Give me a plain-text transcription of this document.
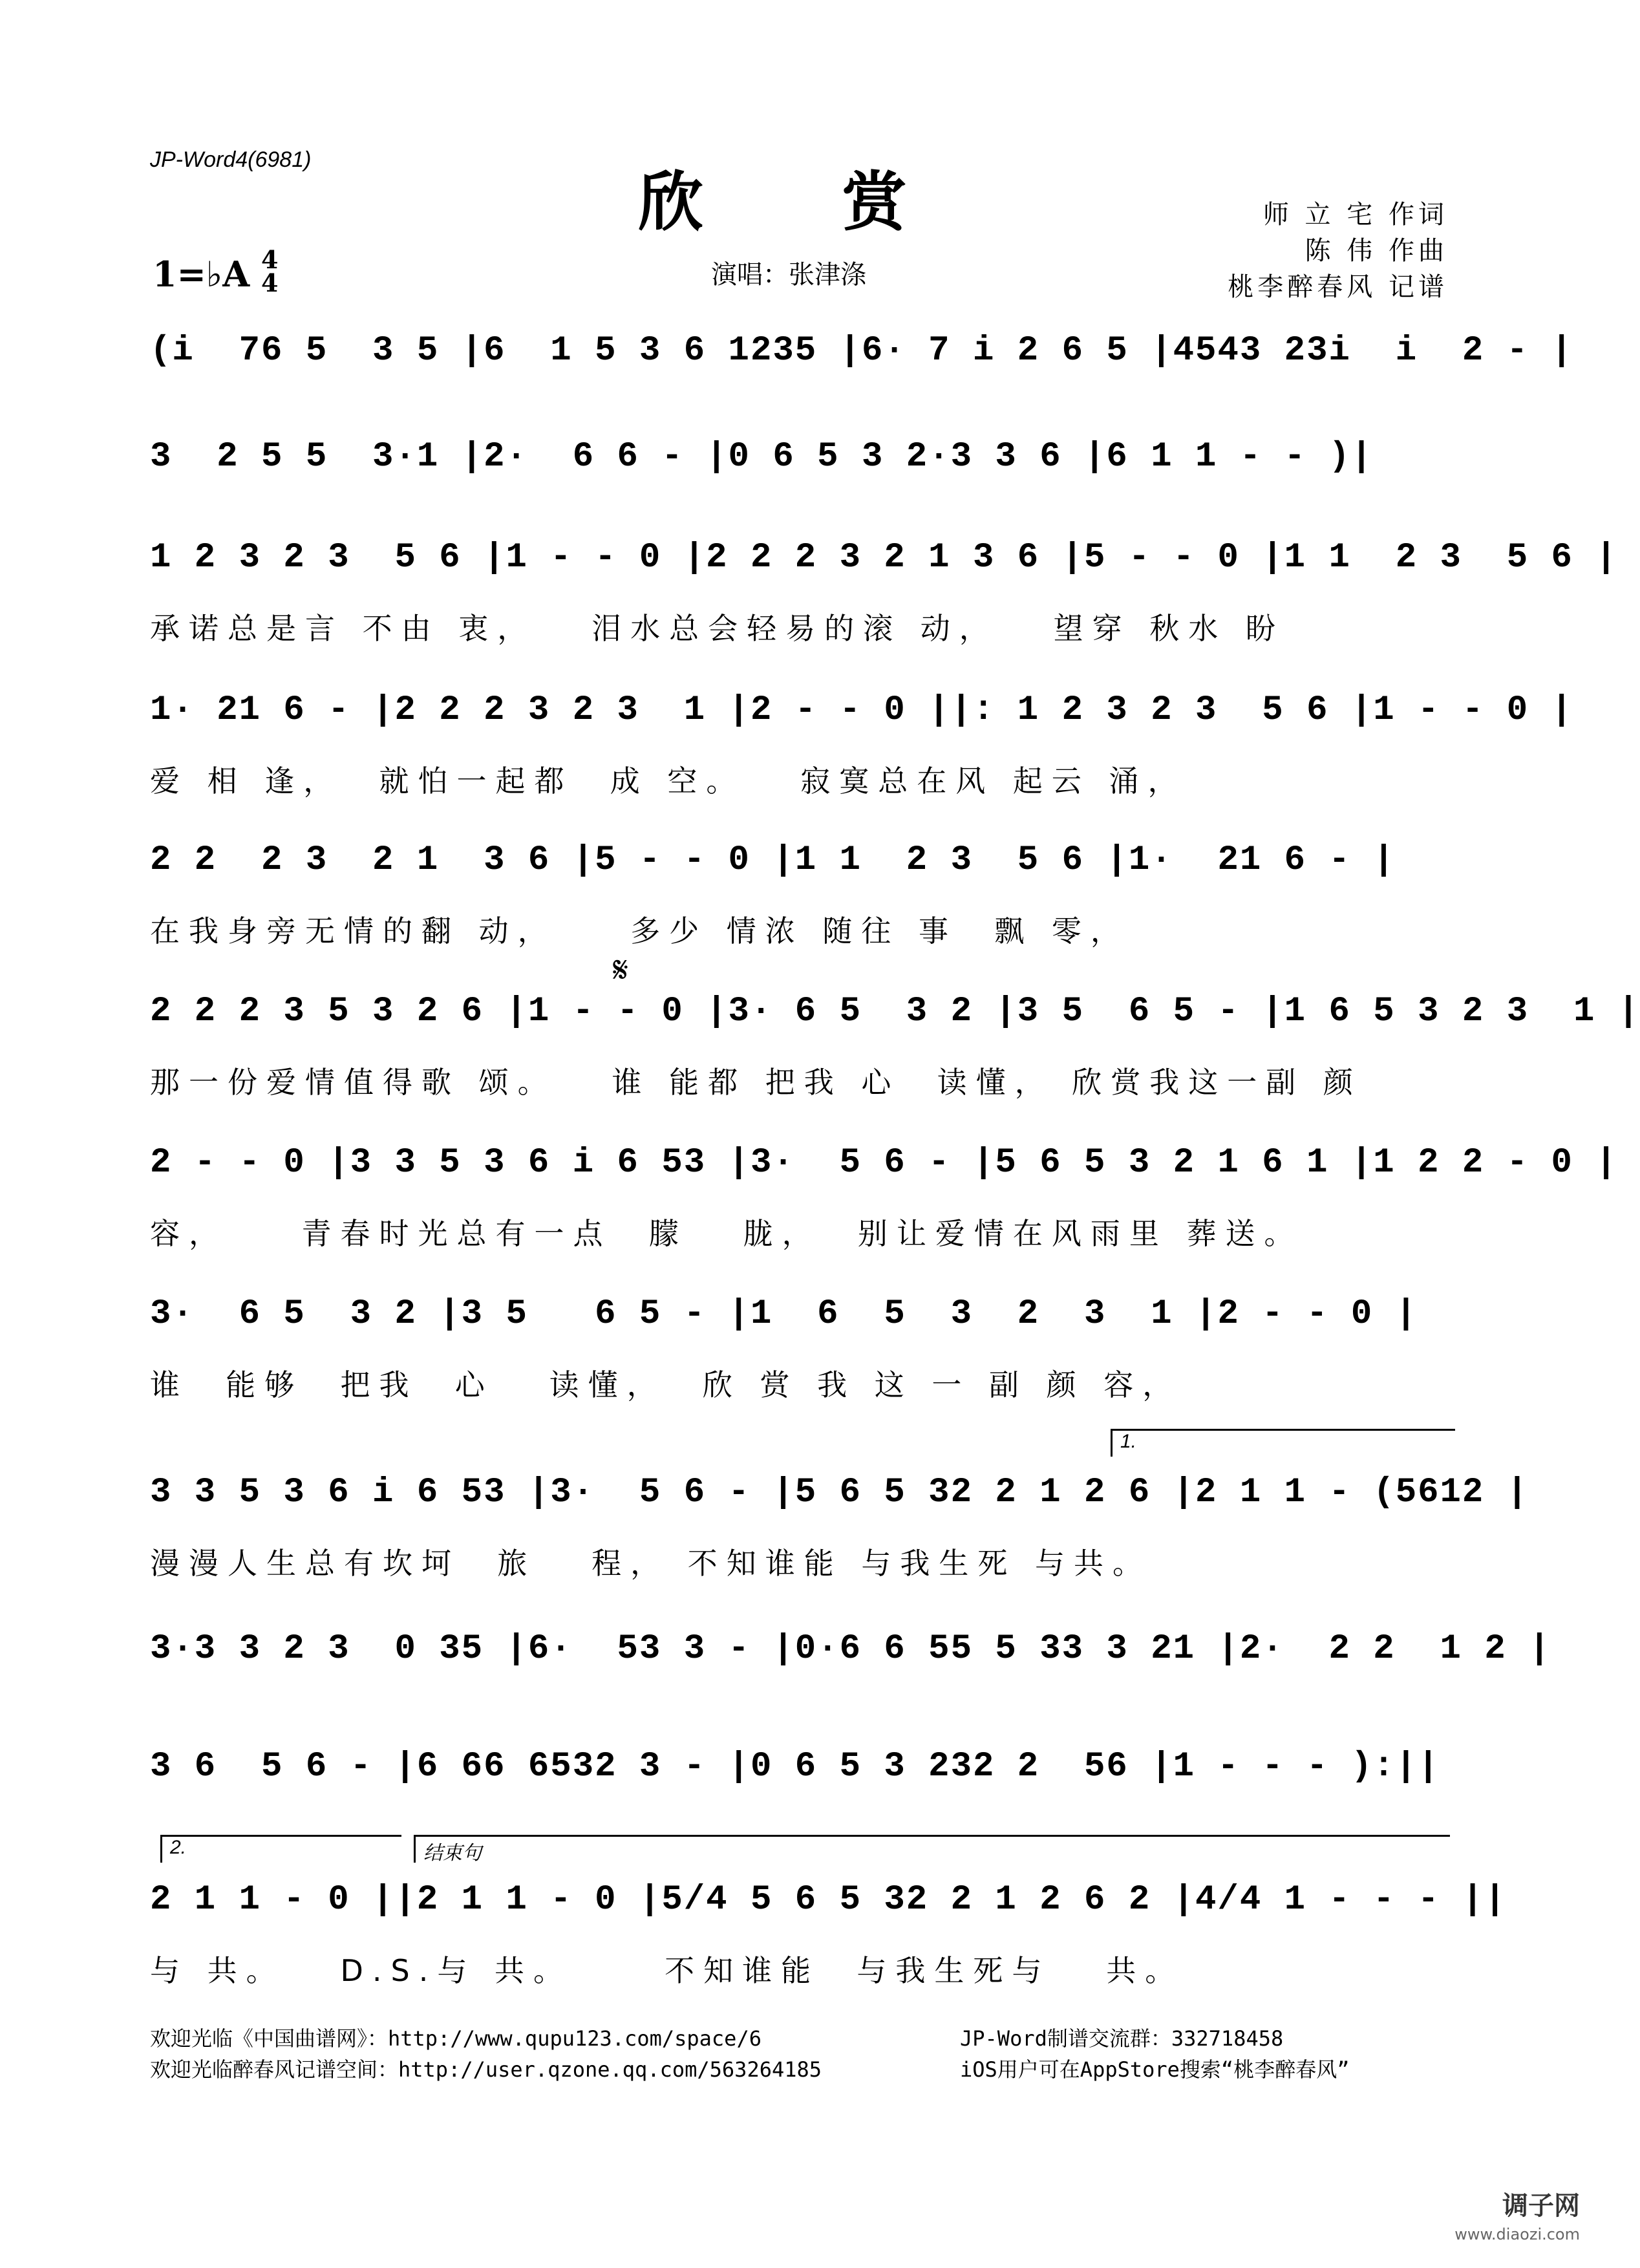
JP-Word4(6981)
欣 赏	师 立 宅 作词
陈 伟 作曲
桃李醉春风 记谱
1=♭A 4
4	演唱：张津涤
𝄋
1.
2.	结束句
(i  76 5  3 5 |6  1 5 3 6 1235 |6· 7 i 2 6 5 |4543 23i  i  2 - |
3  2 5 5  3·1 |2·  6 6 - |0 6 5 3 2·3 3 6 |6 1 1 - - )|
1 2 3 2 3  5 6 |1 - - 0 |2 2 2 3 2 1 3 6 |5 - - 0 |1 1  2 3  5 6 |
承诺总是言 不由 衷，   泪水总会轻易的滚 动，   望穿 秋水 盼
1· 21 6 - |2 2 2 3 2 3  1 |2 - - 0 ||: 1 2 3 2 3  5 6 |1 - - 0 |
爱 相 逢，  就怕一起都  成 空。   寂寞总在风 起云 涌，
2 2  2 3  2 1  3 6 |5 - - 0 |1 1  2 3  5 6 |1·  21 6 - |
在我身旁无情的翻 动，    多少 情浓 随往 事  飘 零，
2 2 2 3 5 3 2 6 |1 - - 0 |3· 6 5  3 2 |3 5  6 5 - |1 6 5 3 2 3  1 |
那一份爱情值得歌 颂。   谁 能都 把我 心  读懂， 欣赏我这一副 颜
2 - - 0 |3 3 5 3 6 i 6 53 |3·  5 6 - |5 6 5 3 2 1 6 1 |1 2 2 - 0 |
容，    青春时光总有一点  朦   胧，  别让爱情在风雨里 葬送。
3·  6 5  3 2 |3 5   6 5 - |1  6  5  3  2  3  1 |2 - - 0 |
谁  能够  把我  心   读懂，  欣 赏 我 这 一 副 颜 容，
3 3 5 3 6 i 6 53 |3·  5 6 - |5 6 5 32 2 1 2 6 |2 1 1 - (5612 |
漫漫人生总有坎坷  旅   程， 不知谁能 与我生死 与共。
3·3 3 2 3  0 35 |6·  53 3 - |0·6 6 55 5 33 3 21 |2·  2 2  1 2 |
3 6  5 6 - |6 66 6532 3 - |0 6 5 3 232 2  56 |1 - - - ):||
2 1 1 - 0 ||2 1 1 - 0 |5/4 5 6 5 32 2 1 2 6 2 |4/4 1 - - - ||
与 共。   D.S.与 共。     不知谁能  与我生死与   共。
欢迎光临《中国曲谱网》：http://www.qupu123.com/space/6
欢迎光临醉春风记谱空间：http://user.qzone.qq.com/563264185
JP-Word制谱交流群：332718458
iOS用户可在AppStore搜索“桃李醉春风”
调子网
www.diaozi.com
